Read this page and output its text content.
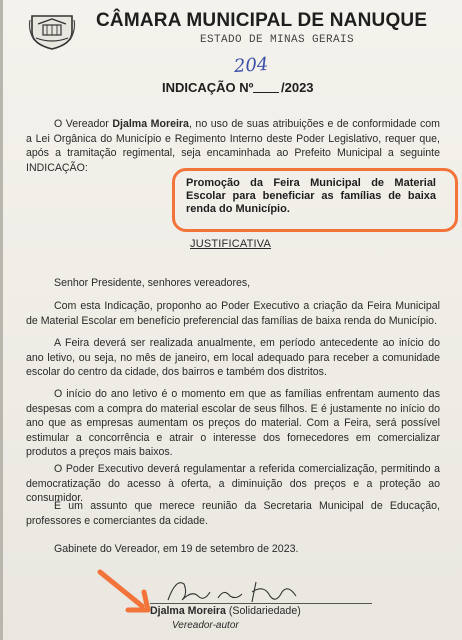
CÂMARA MUNICIPAL DE NANUQUE
ESTADO DE MINAS GERAIS
204
INDICAÇÃO Nº /2023
O Vereador Djalma Moreira, no uso de suas atribuições e de conformidade com a Lei Orgânica do Município e Regimento Interno deste Poder Legislativo, requer que, após a tramitação regimental, seja encaminhada ao Prefeito Municipal a seguinte INDICAÇÃO:
Promoção da Feira Municipal de Material Escolar para beneficiar as famílias de baixa renda do Município.
JUSTIFICATIVA
Senhor Presidente, senhores vereadores,
Com esta Indicação, proponho ao Poder Executivo a criação da Feira Municipal de Material Escolar em benefício preferencial das famílias de baixa renda do Município.
A Feira deverá ser realizada anualmente, em período antecedente ao início do ano letivo, ou seja, no mês de janeiro, em local adequado para receber a comunidade escolar do centro da cidade, dos bairros e também dos distritos.
O início do ano letivo é o momento em que as famílias enfrentam aumento das despesas com a compra do material escolar de seus filhos. E é justamente no início do ano que as empresas aumentam os preços do material. Com a Feira, será possível estimular a concorrência e atrair o interesse dos fornecedores em comercializar produtos a preços mais baixos.
O Poder Executivo deverá regulamentar a referida comercialização, permitindo a democratização do acesso à oferta, a diminuição dos preços e a proteção ao consumidor.
É um assunto que merece reunião da Secretaria Municipal de Educação, professores e comerciantes da cidade.
Gabinete do Vereador, em 19 de setembro de 2023.
Djalma Moreira (Solidariedade)
Vereador-autor
